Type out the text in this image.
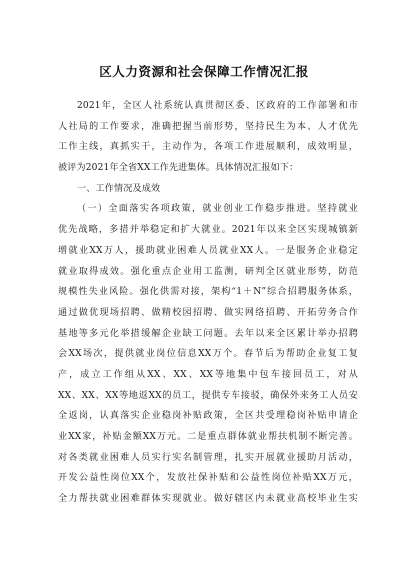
区人力资源和社会保障工作情况汇报
2021年，全区人社系统认真贯彻区委、区政府的工作部署和市
人社局的工作要求，准确把握当前形势，坚持民生为本、人才优先
工作主线，真抓实干，主动作为，各项工作进展顺利，成效明显，
被评为2021年全省XX工作先进集体。具体情况汇报如下：
一、工作情况及成效
（一）全面落实各项政策，就业创业工作稳步推进。坚持就业
优先战略，多措并举稳定和扩大就业。2021年以来全区实现城镇新
增就业XX万人，援助就业困难人员就业XX人。一是服务企业稳定
就业取得成效。强化重点企业用工监测，研判全区就业形势，防范
规模性失业风险。强化供需对接，架构“1＋N”综合招聘服务体系，
通过做优现场招聘、做精校园招聘、做实网络招聘、开拓劳务合作
基地等多元化举措缓解企业缺工问题。去年以来全区累计举办招聘
会XX场次，提供就业岗位信息XX万个。春节后为帮助企业复工复
产，成立工作组从XX、XX、XX等地集中包车接回员工，对从
XX、XX、XX等地返XX的员工，提供专车接驳，确保外来务工人员安
全返岗，认真落实企业稳岗补贴政策，全区共受理稳岗补贴申请企
业XX家，补贴金额XX万元。二是重点群体就业帮扶机制不断完善。
对各类就业困难人员实行实名制管理，扎实开展就业援助月活动，
开发公益性岗位XX个，发放社保补贴和公益性岗位补贴XX万元，
全力帮扶就业困难群体实现就业。做好辖区内未就业高校毕业生实
